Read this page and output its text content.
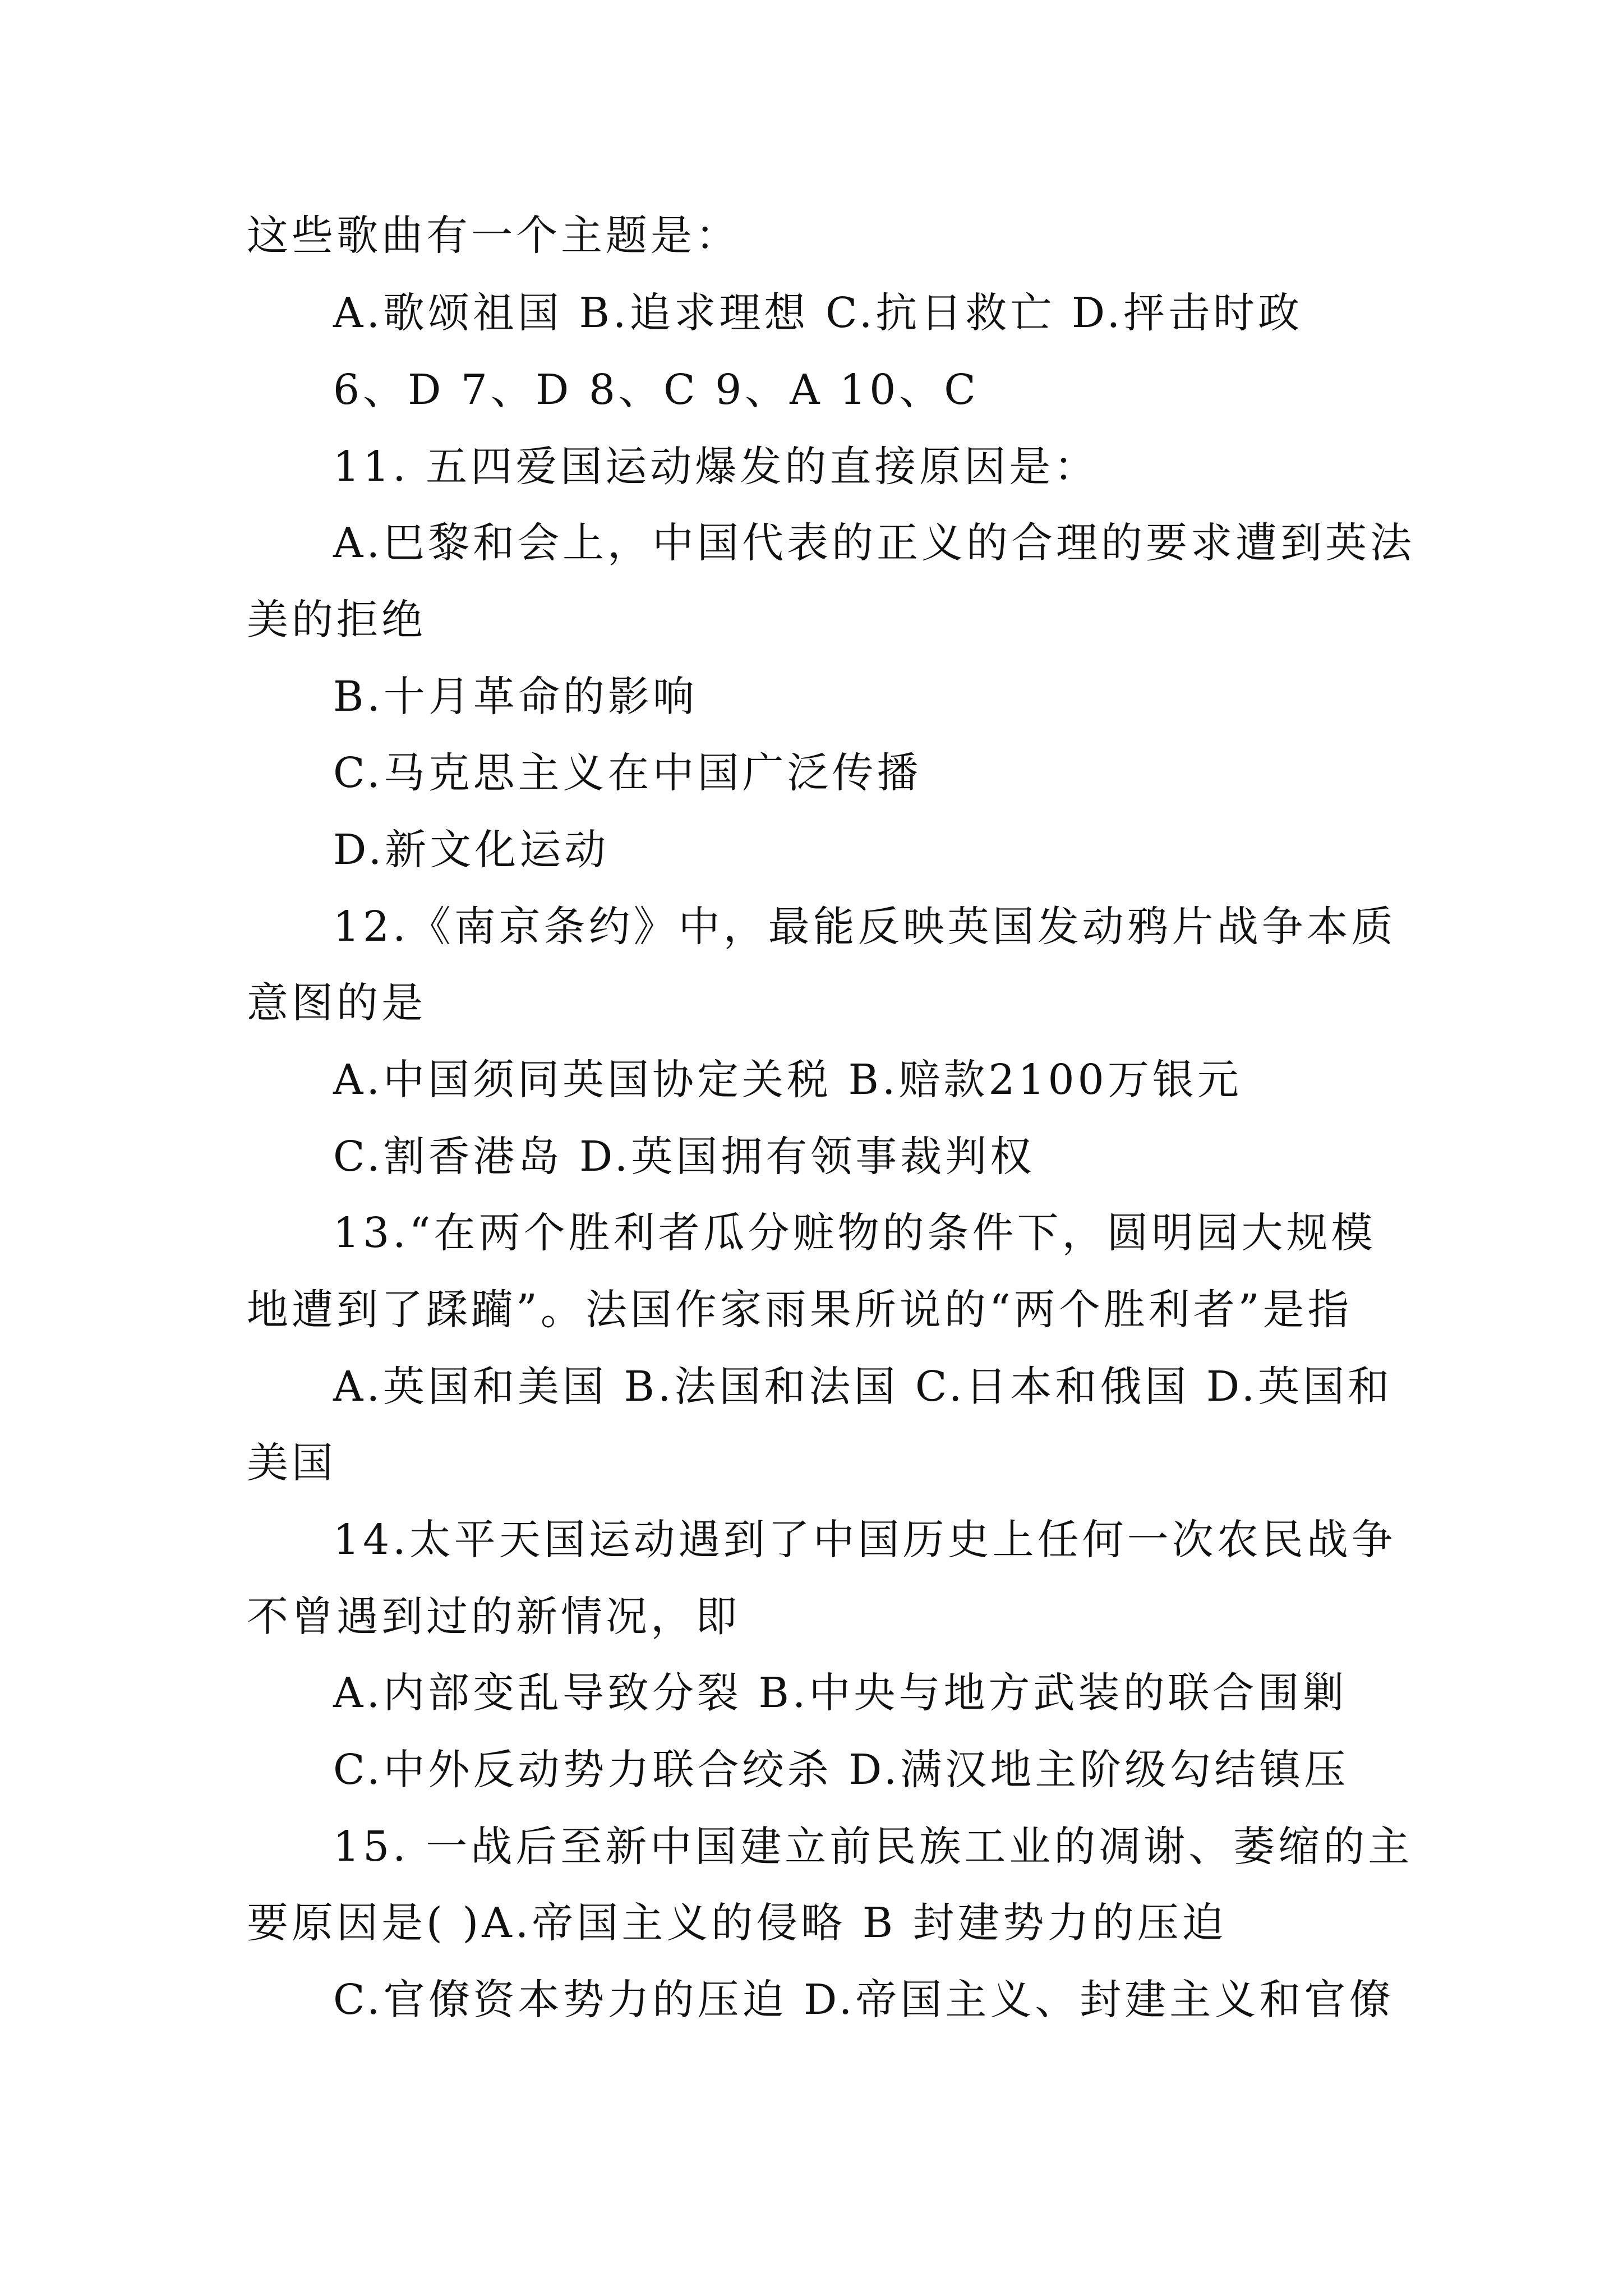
这些歌曲有一个主题是：
A.歌颂祖国 B.追求理想 C.抗日救亡 D.抨击时政
6、D 7、D 8、C 9、A 10、C
11. 五四爱国运动爆发的直接原因是：
A.巴黎和会上，中国代表的正义的合理的要求遭到英法
美的拒绝
B.十月革命的影响
C.马克思主义在中国广泛传播
D.新文化运动
12.《南京条约》中，最能反映英国发动鸦片战争本质
意图的是
A.中国须同英国协定关税 B.赔款2100万银元
C.割香港岛 D.英国拥有领事裁判权
13.“在两个胜利者瓜分赃物的条件下，圆明园大规模
地遭到了蹂躏”。法国作家雨果所说的“两个胜利者”是指
A.英国和美国 B.法国和法国 C.日本和俄国 D.英国和
美国
14.太平天国运动遇到了中国历史上任何一次农民战争
不曾遇到过的新情况，即
A.内部变乱导致分裂 B.中央与地方武装的联合围剿
C.中外反动势力联合绞杀 D.满汉地主阶级勾结镇压
15. 一战后至新中国建立前民族工业的凋谢、萎缩的主
要原因是( )A.帝国主义的侵略 B 封建势力的压迫
C.官僚资本势力的压迫 D.帝国主义、封建主义和官僚
